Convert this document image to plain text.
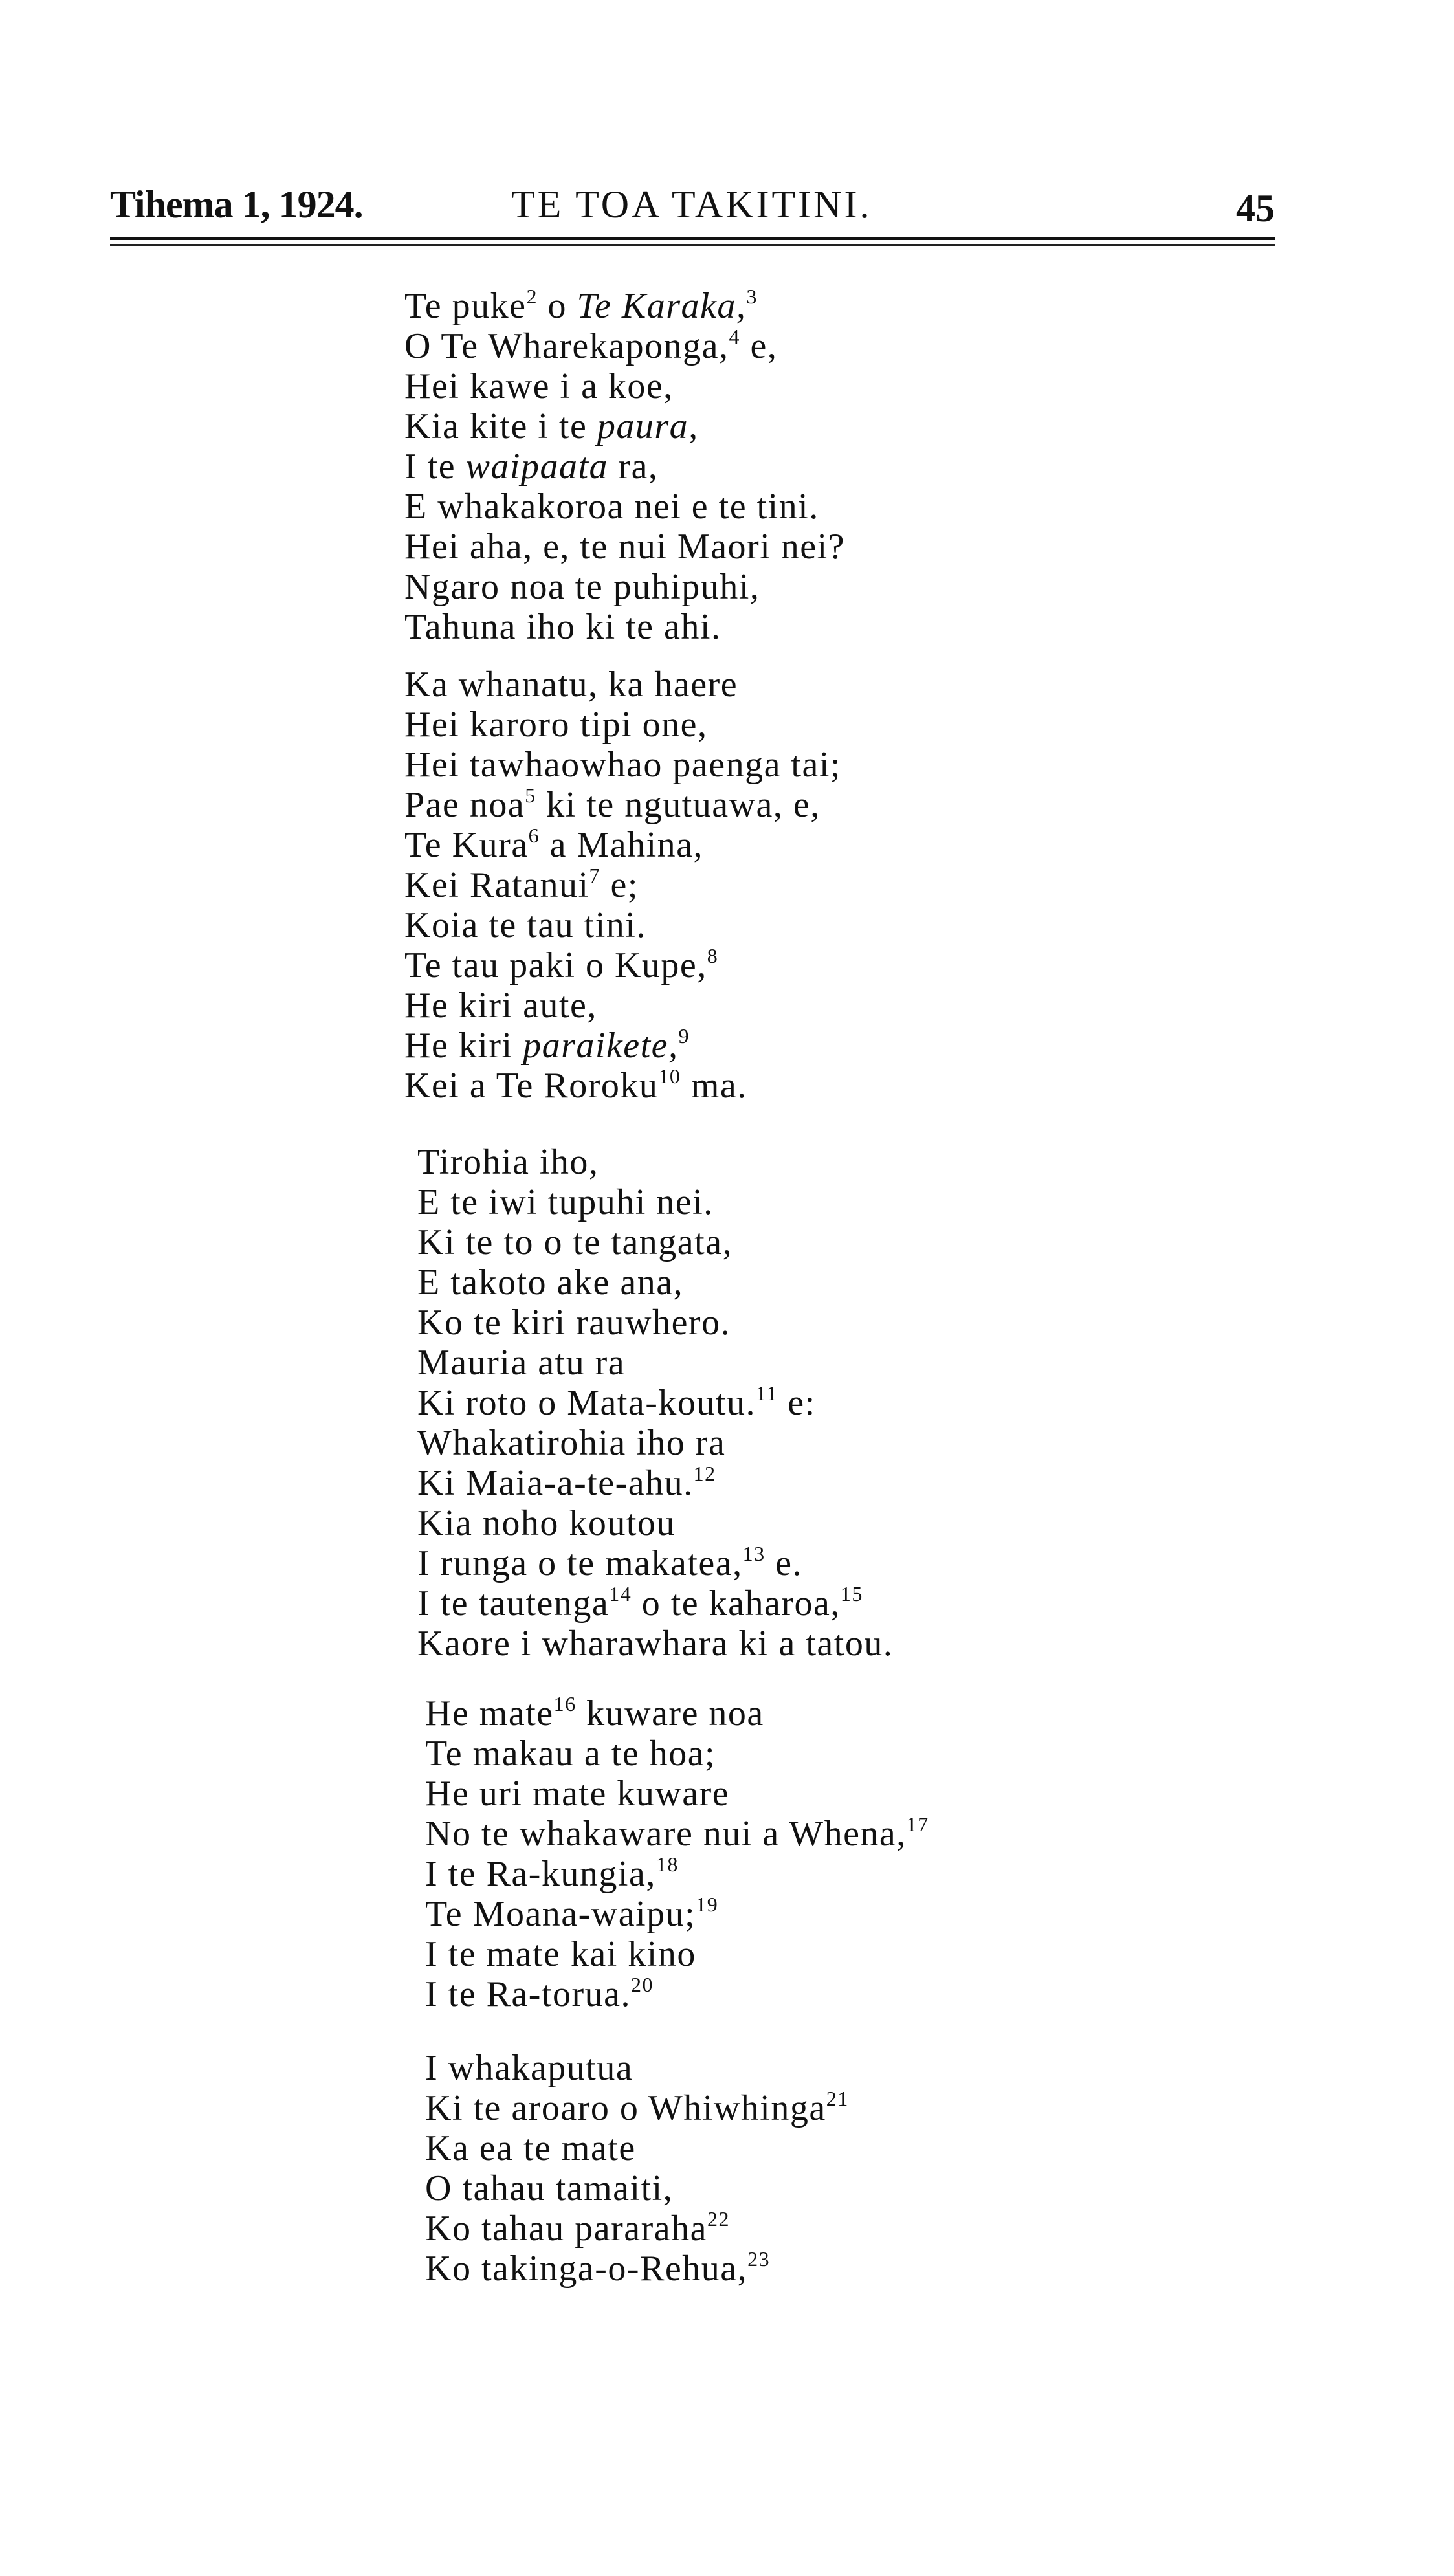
Tihema 1, 1924.	TE TOA TAKITINI.	45
Te puke$^2$ o Te Karaka,$^3$
O Te Wharekaponga,$^4$ e,
Hei kawe i a koe,
Kia kite i te paura,
I te waipaata ra,
E whakakoroa nei e te tini.
Hei aha, e, te nui Maori nei?
Ngaro noa te puhipuhi,
Tahuna iho ki te ahi.
Ka whanatu, ka haere
Hei karoro tipi one,
Hei tawhaowhao paenga tai;
Pae noa$^5$ ki te ngutuawa, e,
Te Kura$^6$ a Mahina,
Kei Ratanui$^7$ e;
Koia te tau tini.
Te tau paki o Kupe,$^8$
He kiri aute,
He kiri paraikete,$^9$
Kei a Te Roroku$^{10}$ ma.
Tirohia iho,
E te iwi tupuhi nei.
Ki te to o te tangata,
E takoto ake ana,
Ko te kiri rauwhero.
Mauria atu ra
Ki roto o Mata-koutu.$^{11}$ e:
Whakatirohia iho ra
Ki Maia-a-te-ahu.$^{12}$
Kia noho koutou
I runga o te makatea,$^{13}$ e.
I te tautenga$^{14}$ o te kaharoa,$^{15}$
Kaore i wharawhara ki a tatou.
He mate$^{16}$ kuware noa
Te makau a te hoa;
He uri mate kuware
No te whakaware nui a Whena,$^{17}$
I te Ra-kungia,$^{18}$
Te Moana-waipu;$^{19}$
I te mate kai kino
I te Ra-torua.$^{20}$
I whakaputua
Ki te aroaro o Whiwhinga$^{21}$
Ka ea te mate
O tahau tamaiti,
Ko tahau pararaha$^{22}$
Ko takinga-o-Rehua,$^{23}$
